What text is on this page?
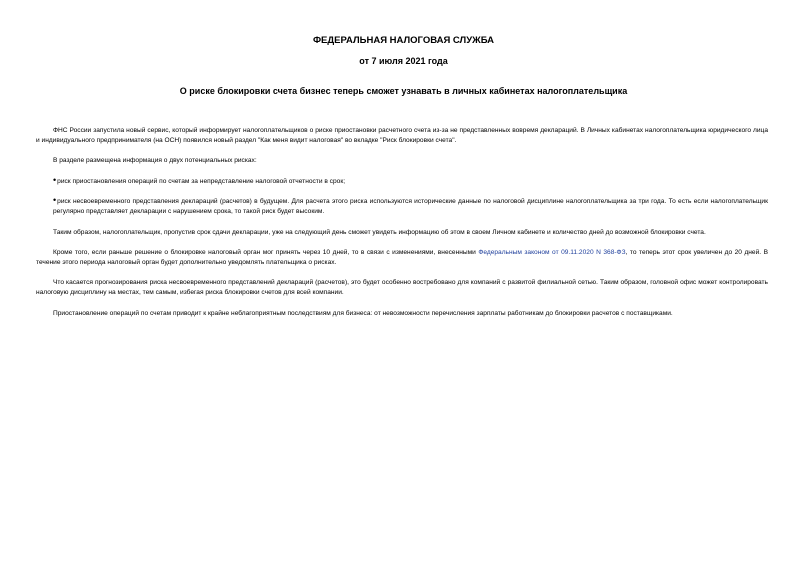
ФЕДЕРАЛЬНАЯ НАЛОГОВАЯ СЛУЖБА
от 7 июля 2021 года
О риске блокировки счета бизнес теперь сможет узнавать в личных кабинетах налогоплательщика

ФНС России запустила новый сервис, который информирует налогоплательщиков о риске приостановки расчетного счета из-за не представленных вовремя деклараций. В Личных кабинетах налогоплательщика юридического лица и индивидуального предпринимателя (на ОСН) появился новый раздел "Как меня видит налоговая" во вкладке "Риск блокировки счета".

В разделе размещена информация о двух потенциальных рисках:

•риск приостановления операций по счетам за непредставление налоговой отчетности в срок;

•риск несвоевременного представления деклараций (расчетов) в будущем. Для расчета этого риска используются исторические данные по налоговой дисциплине налогоплательщика за три года. То есть если налогоплательщик регулярно представляет декларации с нарушением срока, то такой риск будет высоким.

Таким образом, налогоплательщик, пропустив срок сдачи декларации, уже на следующий день сможет увидеть информацию об этом в своем Личном кабинете и количество дней до возможной блокировки счета.

Кроме того, если раньше решение о блокировке налоговый орган мог принять через 10 дней, то в связи с изменениями, внесенными Федеральным законом от 09.11.2020 N 368-ФЗ, то теперь этот срок увеличен до 20 дней. В течение этого периода налоговый орган будет дополнительно уведомлять плательщика о рисках.

Что касается прогнозирования риска несвоевременного представлений деклараций (расчетов), это будет особенно востребовано для компаний с развитой филиальной сетью. Таким образом, головной офис может контролировать налоговую дисциплину на местах, тем самым, избегая риска блокировки счетов для всей компании.

Приостановление операций по счетам приводит к крайне неблагоприятным последствиям для бизнеса: от невозможности перечисления зарплаты работникам до блокировки расчетов с поставщиками.
